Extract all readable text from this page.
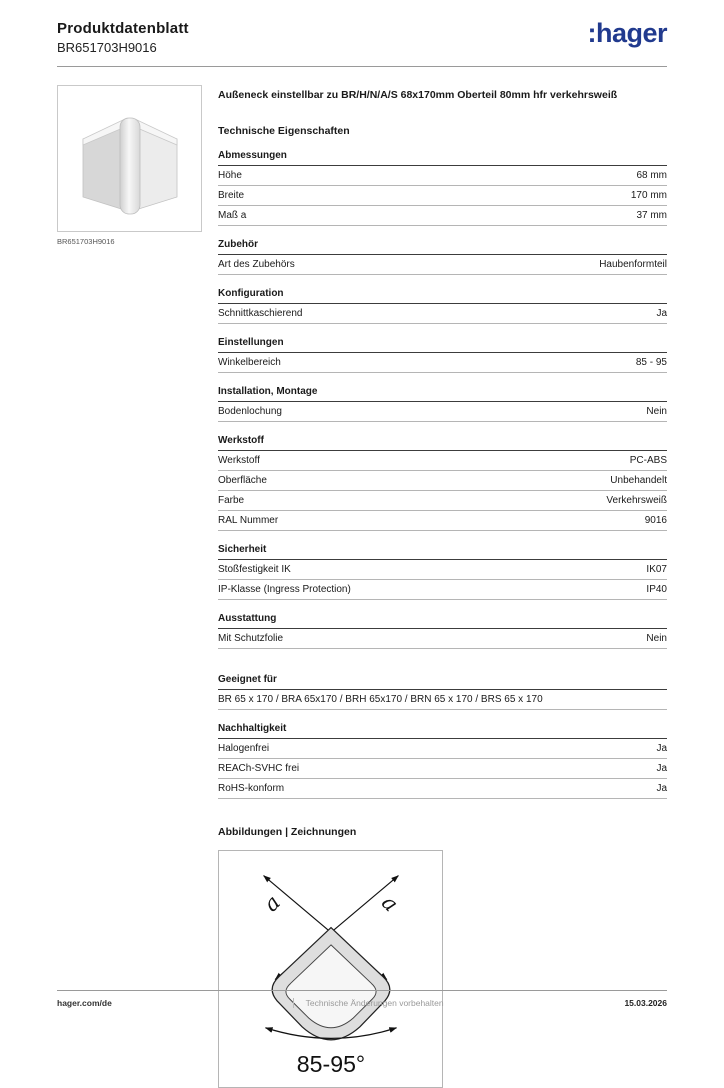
Produktdatenblatt
BR651703H9016	:hager
BR651703H9016

Außeneck einstellbar zu BR/H/N/A/S 68x170mm Oberteil 80mm hfr verkehrsweiß

Technische Eigenschaften
Abmessungen
Höhe	68 mm
Breite	170 mm
Maß a	37 mm
Zubehör
Art des Zubehörs	Haubenformteil
Konfiguration
Schnittkaschierend	Ja
Einstellungen
Winkelbereich	85 - 95
Installation, Montage
Bodenlochung	Nein
Werkstoff
Werkstoff	PC-ABS
Oberfläche	Unbehandelt
Farbe	Verkehrsweiß
RAL Nummer	9016
Sicherheit
Stoßfestigkeit IK	IK07
IP-Klasse (Ingress Protection)	IP40
Ausstattung
Mit Schutzfolie	Nein
Geeignet für
BR 65 x 170 / BRA 65x170 / BRH 65x170 / BRN 65 x 170 / BRS 65 x 170
Nachhaltigkeit
Halogenfrei	Ja
REACh-SVHC frei	Ja
RoHS-konform	Ja
Abbildungen | Zeichnungen
a	a
85-95°
hager.com/de	Technische Änderungen vorbehalten	15.03.2026
